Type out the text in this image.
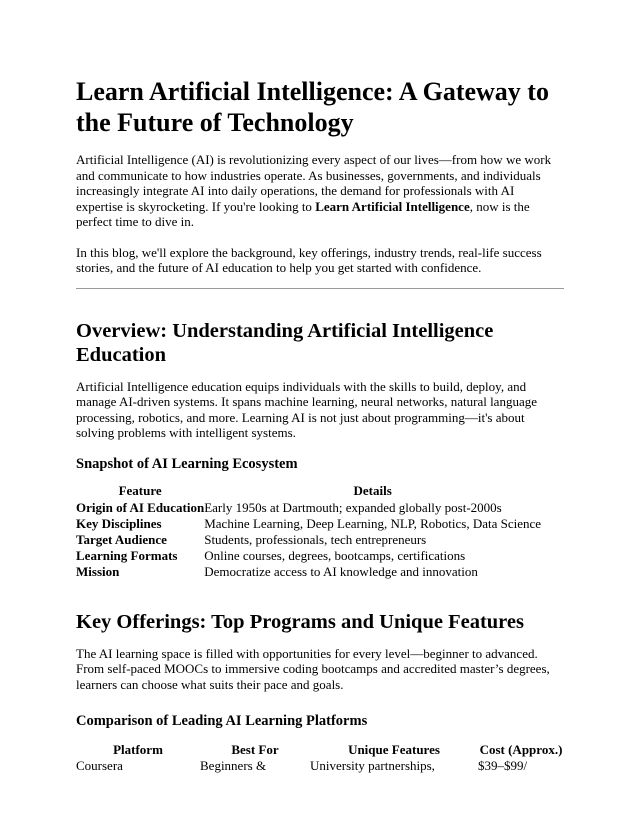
Learn Artificial Intelligence: A Gateway to the Future of Technology

Artificial Intelligence (AI) is revolutionizing every aspect of our lives—from how we work and communicate to how industries operate. As businesses, governments, and individuals increasingly integrate AI into daily operations, the demand for professionals with AI expertise is skyrocketing. If you're looking to Learn Artificial Intelligence, now is the perfect time to dive in.

In this blog, we'll explore the background, key offerings, industry trends, real-life success stories, and the future of AI education to help you get started with confidence.

Overview: Understanding Artificial Intelligence Education

Artificial Intelligence education equips individuals with the skills to build, deploy, and manage AI-driven systems. It spans machine learning, neural networks, natural language processing, robotics, and more. Learning AI is not just about programming—it's about solving problems with intelligent systems.

Snapshot of AI Learning Ecosystem
Feature	Details
Origin of AI Education	Early 1950s at Dartmouth; expanded globally post-2000s
Key Disciplines	Machine Learning, Deep Learning, NLP, Robotics, Data Science
Target Audience	Students, professionals, tech entrepreneurs
Learning Formats	Online courses, degrees, bootcamps, certifications
Mission	Democratize access to AI knowledge and innovation
Key Offerings: Top Programs and Unique Features

The AI learning space is filled with opportunities for every level—beginner to advanced. From self-paced MOOCs to immersive coding bootcamps and accredited master’s degrees, learners can choose what suits their pace and goals.

Comparison of Leading AI Learning Platforms
Platform	Best For	Unique Features	Cost (Approx.)
Coursera	Beginners &	University partnerships,	$39–$99/
